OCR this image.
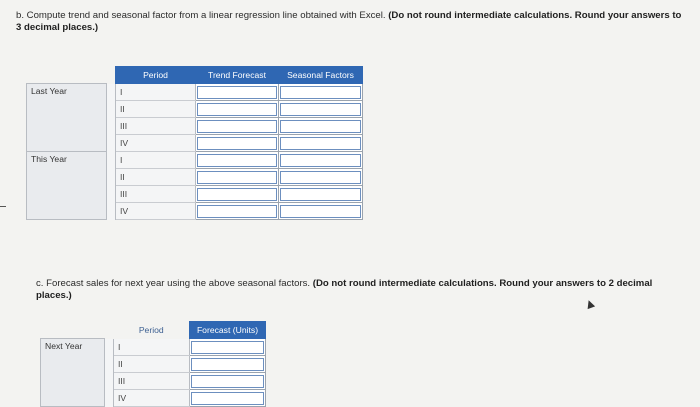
b. Compute trend and seasonal factor from a linear regression line obtained with Excel. (Do not round intermediate calculations. Round your answers to 3 decimal places.)
		Period	Trend Forecast	Seasonal Factors
Last Year		I		
		II		
		III		
		IV		
This Year		I		
		II		
		III		
		IV		
c. Forecast sales for next year using the above seasonal factors. (Do not round intermediate calculations. Round your answers to 2 decimal places.)
		Period	Forecast (Units)
Next Year		I	
		II	
		III	
		IV	
